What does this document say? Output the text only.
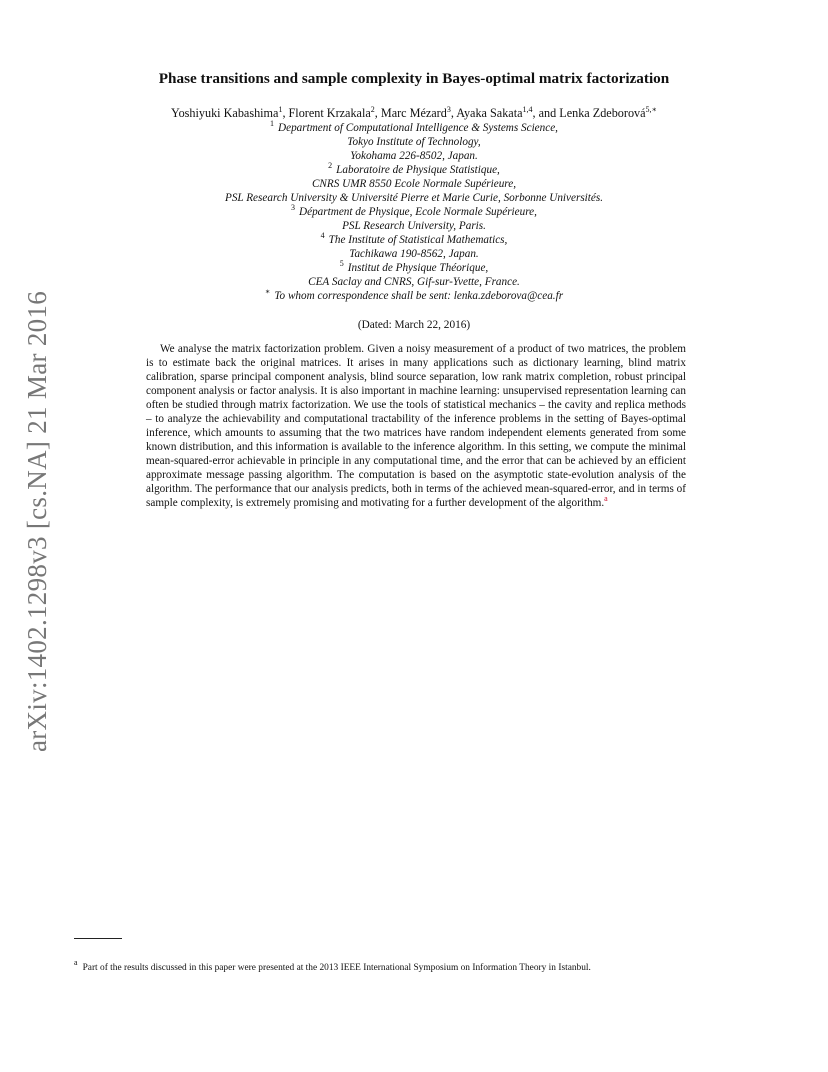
arXiv:1402.1298v3 [cs.NA] 21 Mar 2016
Phase transitions and sample complexity in Bayes-optimal matrix factorization
Yoshiyuki Kabashima$^1$, Florent Krzakala$^2$, Marc Mézard$^3$, Ayaka Sakata$^{1,4}$, and Lenka Zdeborová$^{5,∗}$
$^1$ Department of Computational Intelligence & Systems Science,
Tokyo Institute of Technology,
Yokohama 226-8502, Japan.
$^2$ Laboratoire de Physique Statistique,
CNRS UMR 8550 Ecole Normale Supérieure,
PSL Research University & Université Pierre et Marie Curie, Sorbonne Universités.
$^3$ Départment de Physique, Ecole Normale Supérieure,
PSL Research University, Paris.
$^4$ The Institute of Statistical Mathematics,
Tachikawa 190-8562, Japan.
$^5$ Institut de Physique Théorique,
CEA Saclay and CNRS, Gif-sur-Yvette, France.
∗ To whom correspondence shall be sent: lenka.zdeborova@cea.fr
(Dated: March 22, 2016)

We analyse the matrix factorization problem. Given a noisy measurement of a product of two matrices, the problem is to estimate back the original matrices. It arises in many applications such as dictionary learning, blind matrix calibration, sparse principal component analysis, blind source separation, low rank matrix completion, robust principal component analysis or factor analysis. It is also important in machine learning: unsupervised representation learning can often be studied through matrix factorization. We use the tools of statistical mechanics – the cavity and replica methods – to analyze the achievability and computational tractability of the inference problems in the setting of Bayes-optimal inference, which amounts to assuming that the two matrices have random independent elements generated from some known distribution, and this information is available to the inference algorithm. In this setting, we compute the minimal mean-squared-error achievable in principle in any computational time, and the error that can be achieved by an efficient approximate message passing algorithm. The computation is based on the asymptotic state-evolution analysis of the algorithm. The performance that our analysis predicts, both in terms of the achieved mean-squared-error, and in terms of sample complexity, is extremely promising and motivating for a further development of the algorithm.$^a$

$^a$Part of the results discussed in this paper were presented at the 2013 IEEE International Symposium on Information Theory in Istanbul.
